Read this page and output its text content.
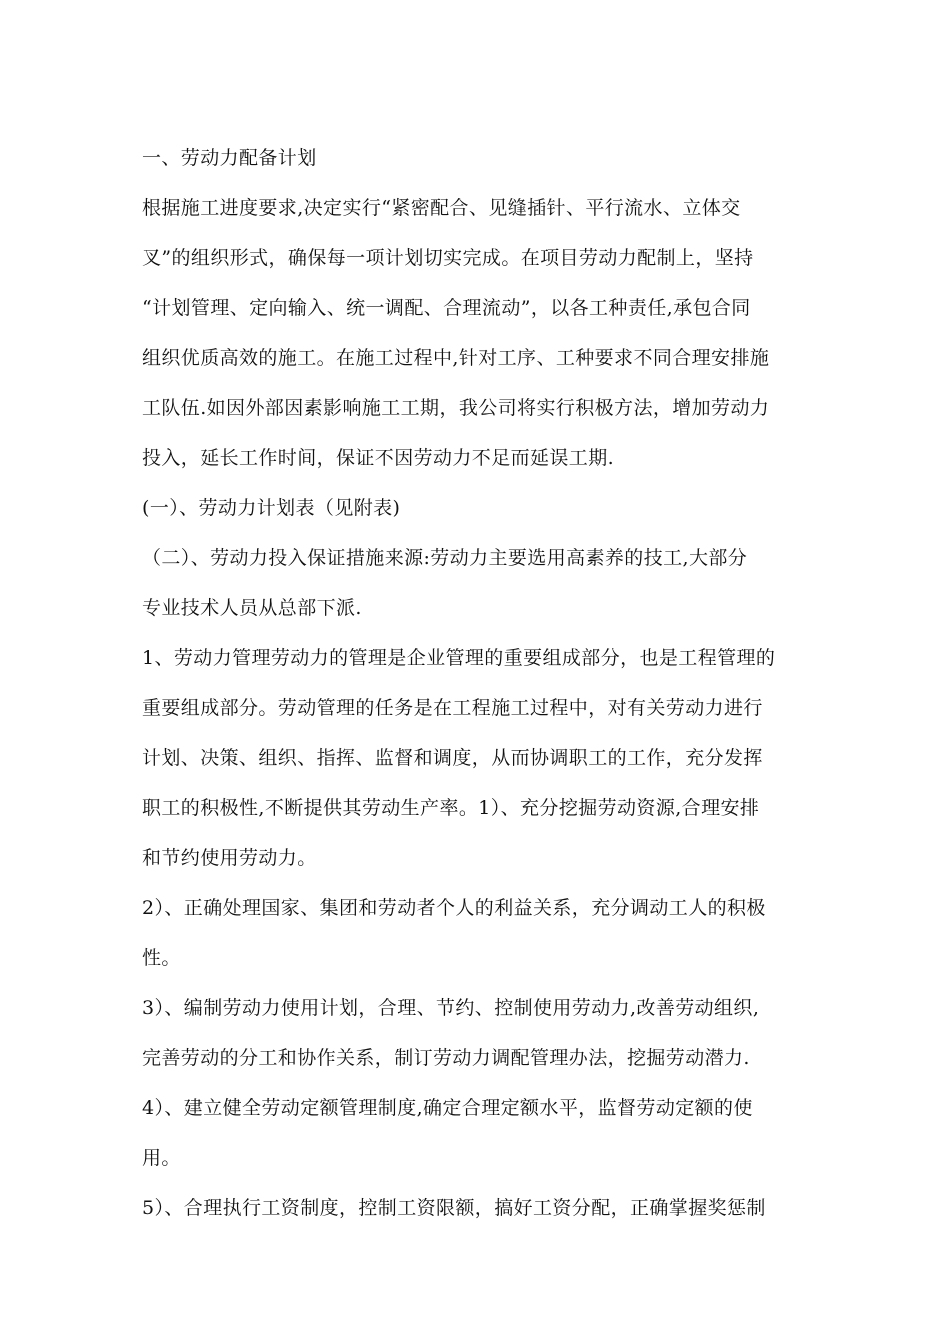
一、劳动力配备计划
根据施工进度要求,决定实行“紧密配合、见缝插针、平行流水、立体交
叉”的组织形式，确保每一项计划切实完成。在项目劳动力配制上，坚持
“计划管理、定向输入、统一调配、合理流动”，以各工种责任,承包合同
组织优质高效的施工。在施工过程中,针对工序、工种要求不同合理安排施
工队伍.如因外部因素影响施工工期，我公司将实行积极方法，增加劳动力
投入，延长工作时间，保证不因劳动力不足而延误工期.
(一）、劳动力计划表（见附表)
（二）、劳动力投入保证措施来源:劳动力主要选用高素养的技工,大部分
专业技术人员从总部下派.
1、劳动力管理劳动力的管理是企业管理的重要组成部分，也是工程管理的
重要组成部分。劳动管理的任务是在工程施工过程中，对有关劳动力进行
计划、决策、组织、指挥、监督和调度，从而协调职工的工作，充分发挥
职工的积极性,不断提供其劳动生产率。1）、充分挖掘劳动资源,合理安排
和节约使用劳动力。
2）、正确处理国家、集团和劳动者个人的利益关系，充分调动工人的积极
性。
3）、编制劳动力使用计划，合理、节约、控制使用劳动力,改善劳动组织,
完善劳动的分工和协作关系，制订劳动力调配管理办法，挖掘劳动潜力.
4）、建立健全劳动定额管理制度,确定合理定额水平，监督劳动定额的使
用。
5）、合理执行工资制度，控制工资限额，搞好工资分配，正确掌握奖惩制
